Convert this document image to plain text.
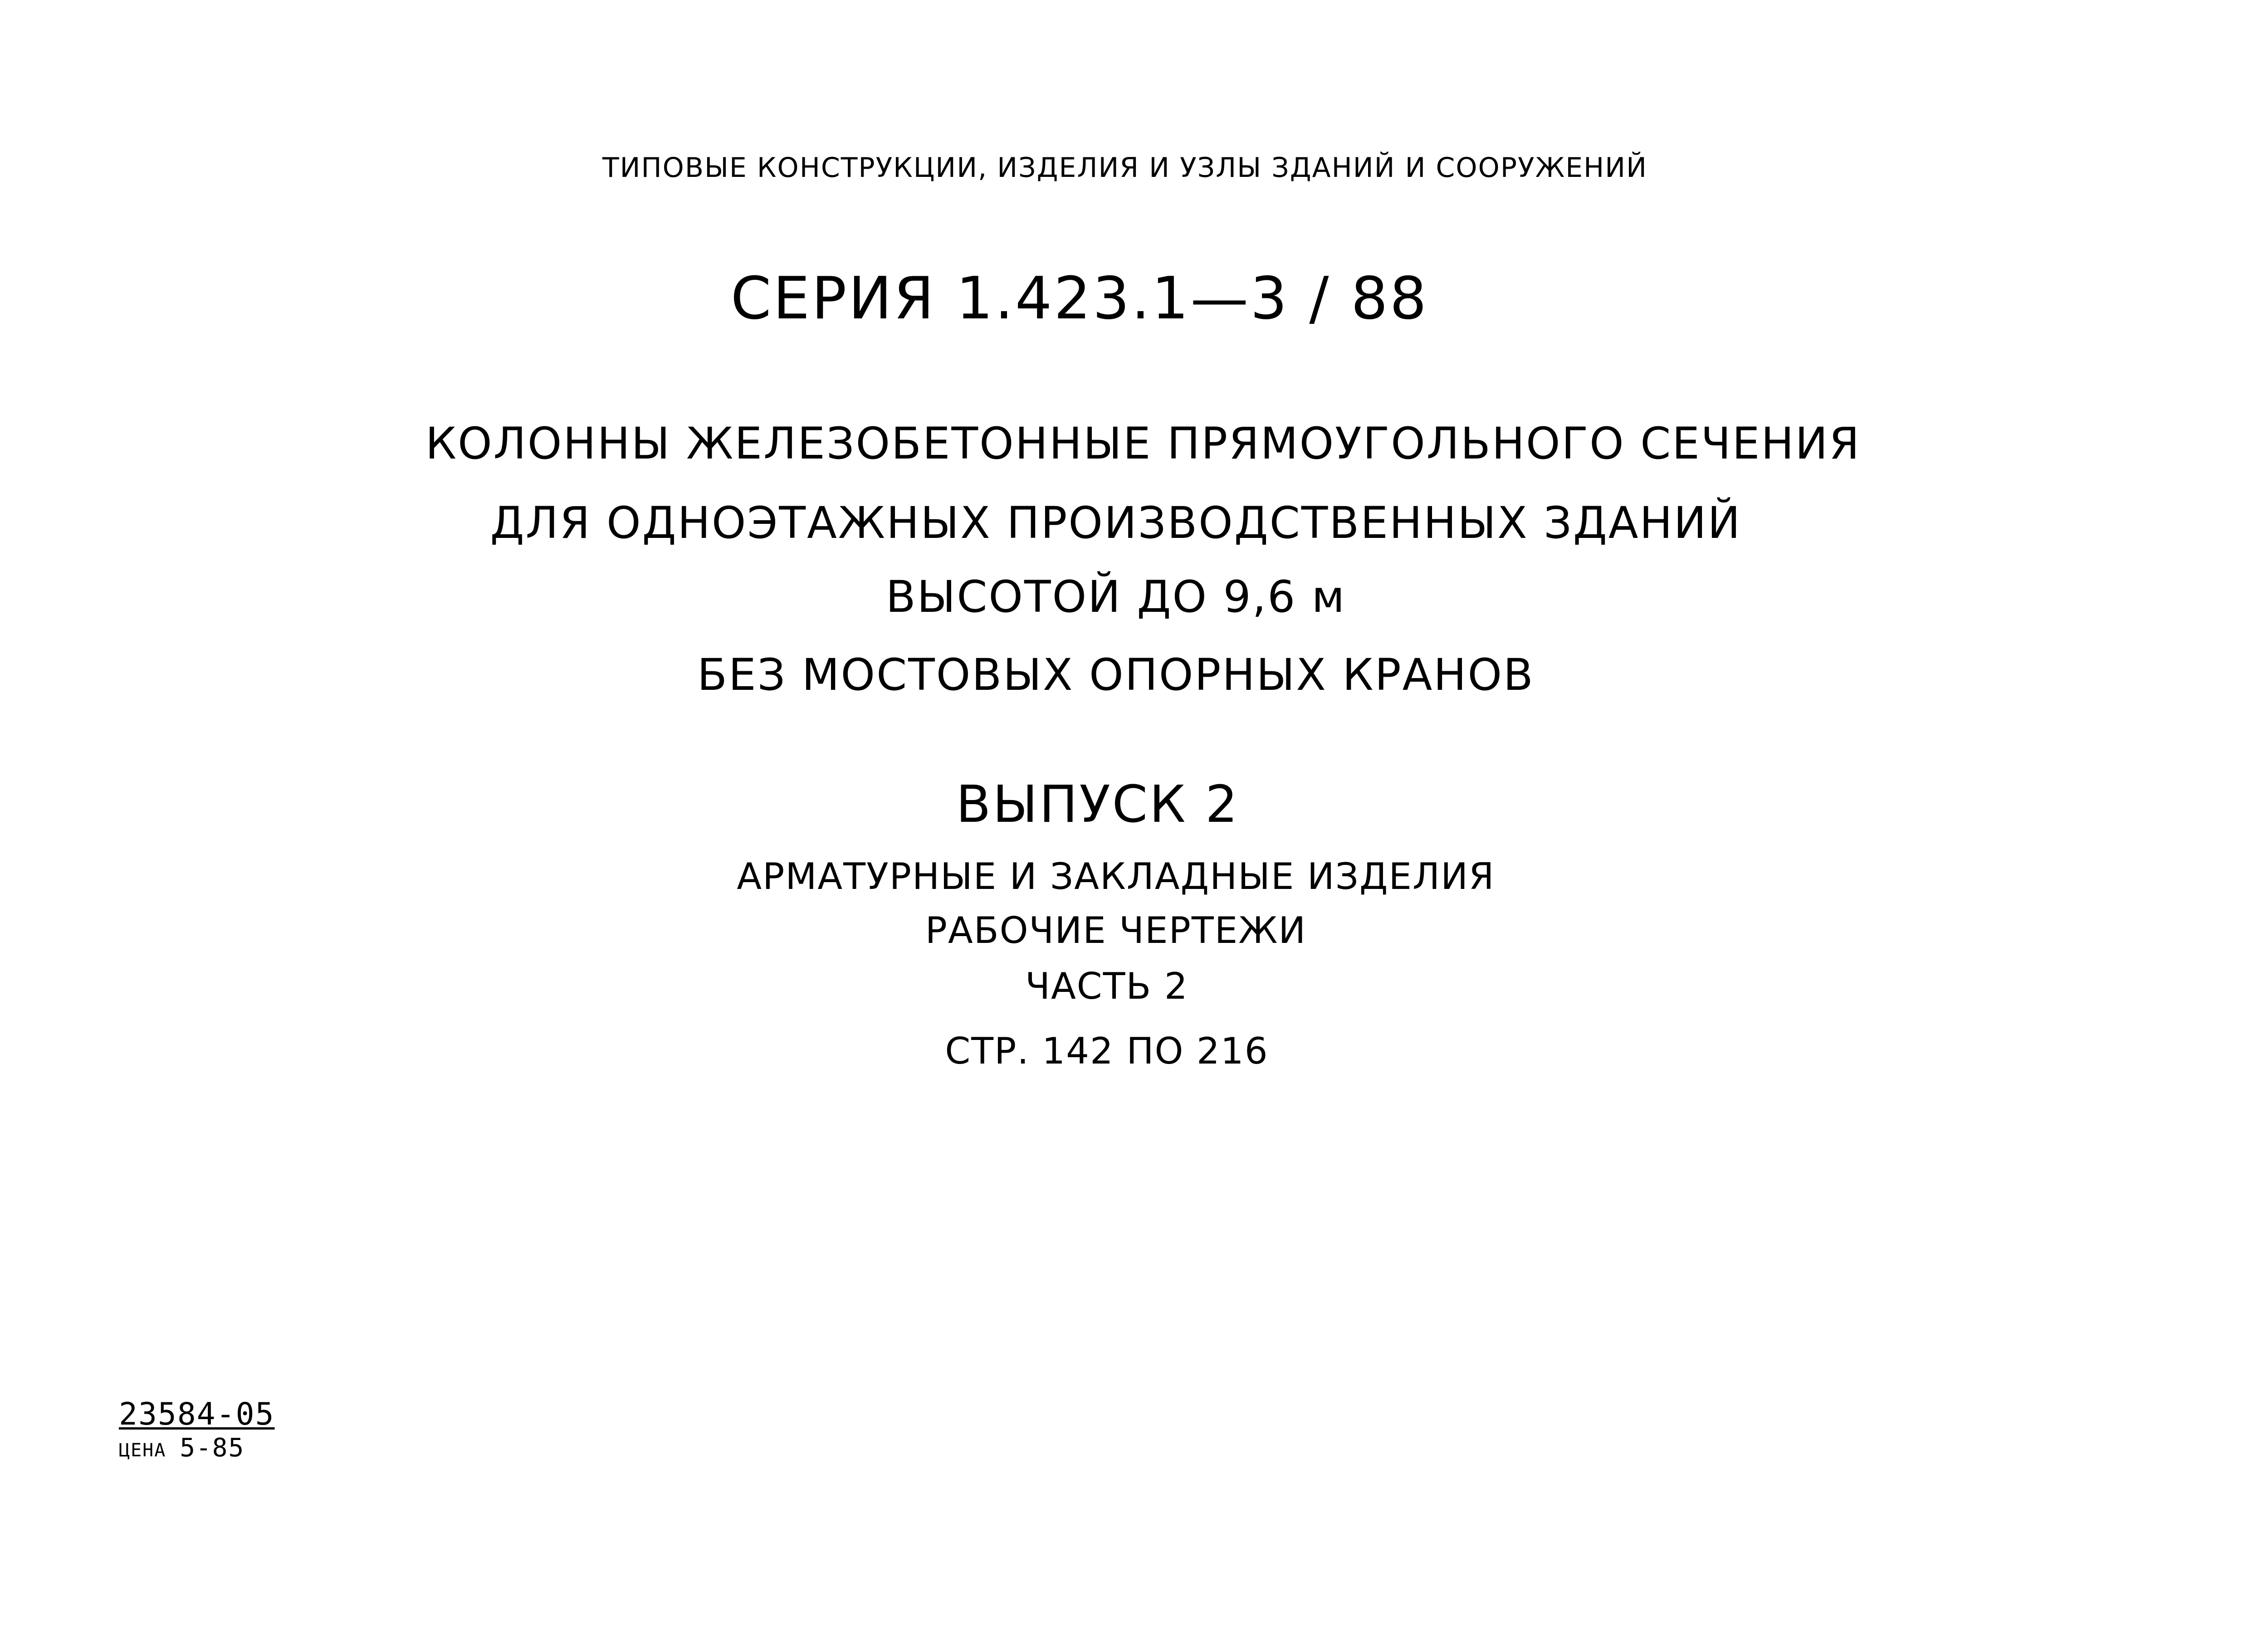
ТИПОВЫЕ КОНСТРУКЦИИ, ИЗДЕЛИЯ И УЗЛЫ ЗДАНИЙ И СООРУЖЕНИЙ
СЕРИЯ 1.423.1—3 / 88
КОЛОННЫ ЖЕЛЕЗОБЕТОННЫЕ ПРЯМОУГОЛЬНОГО СЕЧЕНИЯ
ДЛЯ ОДНОЭТАЖНЫХ ПРОИЗВОДСТВЕННЫХ ЗДАНИЙ
ВЫСОТОЙ ДО 9,6 м
БЕЗ МОСТОВЫХ ОПОРНЫХ КРАНОВ
ВЫПУСК 2
АРМАТУРНЫЕ И ЗАКЛАДНЫЕ ИЗДЕЛИЯ
РАБОЧИЕ ЧЕРТЕЖИ
ЧАСТЬ 2
СТР. 142 ПО 216
23584-05
ЦЕНА 5-85
